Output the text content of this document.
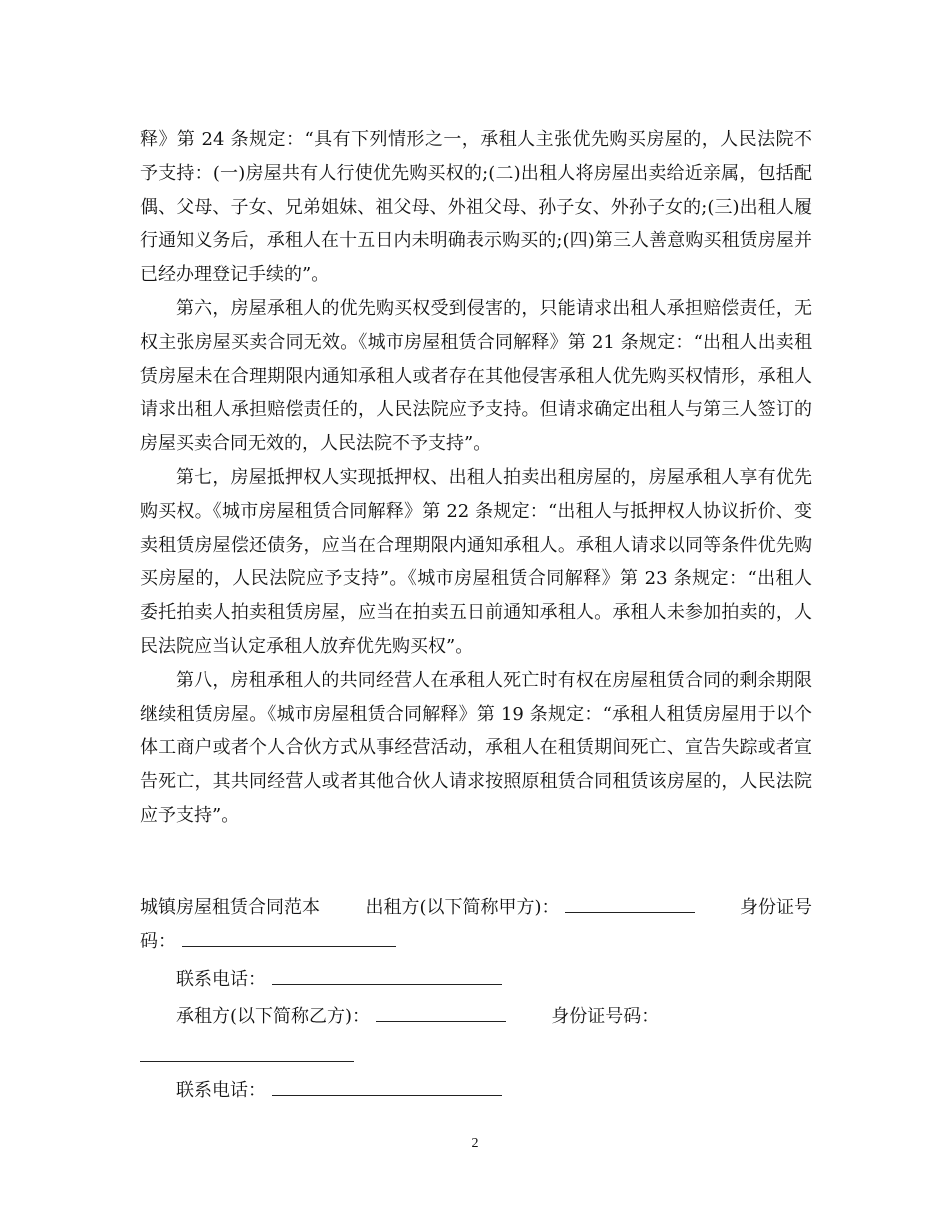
释》第 24 条规定：“具有下列情形之一，承租人主张优先购买房屋的，人民法院不予支持：(一)房屋共有人行使优先购买权的;(二)出租人将房屋出卖给近亲属，包括配偶、父母、子女、兄弟姐妹、祖父母、外祖父母、孙子女、外孙子女的;(三)出租人履行通知义务后，承租人在十五日内未明确表示购买的;(四)第三人善意购买租赁房屋并已经办理登记手续的”。

第六，房屋承租人的优先购买权受到侵害的，只能请求出租人承担赔偿责任，无权主张房屋买卖合同无效。《城市房屋租赁合同解释》第 21 条规定：“出租人出卖租赁房屋未在合理期限内通知承租人或者存在其他侵害承租人优先购买权情形，承租人请求出租人承担赔偿责任的，人民法院应予支持。但请求确定出租人与第三人签订的房屋买卖合同无效的，人民法院不予支持”。

第七，房屋抵押权人实现抵押权、出租人拍卖出租房屋的，房屋承租人享有优先购买权。《城市房屋租赁合同解释》第 22 条规定：“出租人与抵押权人协议折价、变卖租赁房屋偿还债务，应当在合理期限内通知承租人。承租人请求以同等条件优先购买房屋的，人民法院应予支持”。《城市房屋租赁合同解释》第 23 条规定：“出租人委托拍卖人拍卖租赁房屋，应当在拍卖五日前通知承租人。承租人未参加拍卖的，人民法院应当认定承租人放弃优先购买权”。

第八，房租承租人的共同经营人在承租人死亡时有权在房屋租赁合同的剩余期限继续租赁房屋。《城市房屋租赁合同解释》第 19 条规定：“承租人租赁房屋用于以个体工商户或者个人合伙方式从事经营活动，承租人在租赁期间死亡、宣告失踪或者宣告死亡，其共同经营人或者其他合伙人请求按照原租赁合同租赁该房屋的，人民法院应予支持”。

城镇房屋租赁合同范本	出租方(以下简称甲方)：	身份证号
码：
联系电话：
承租方(以下简称乙方)：	身份证号码：
联系电话：
2
